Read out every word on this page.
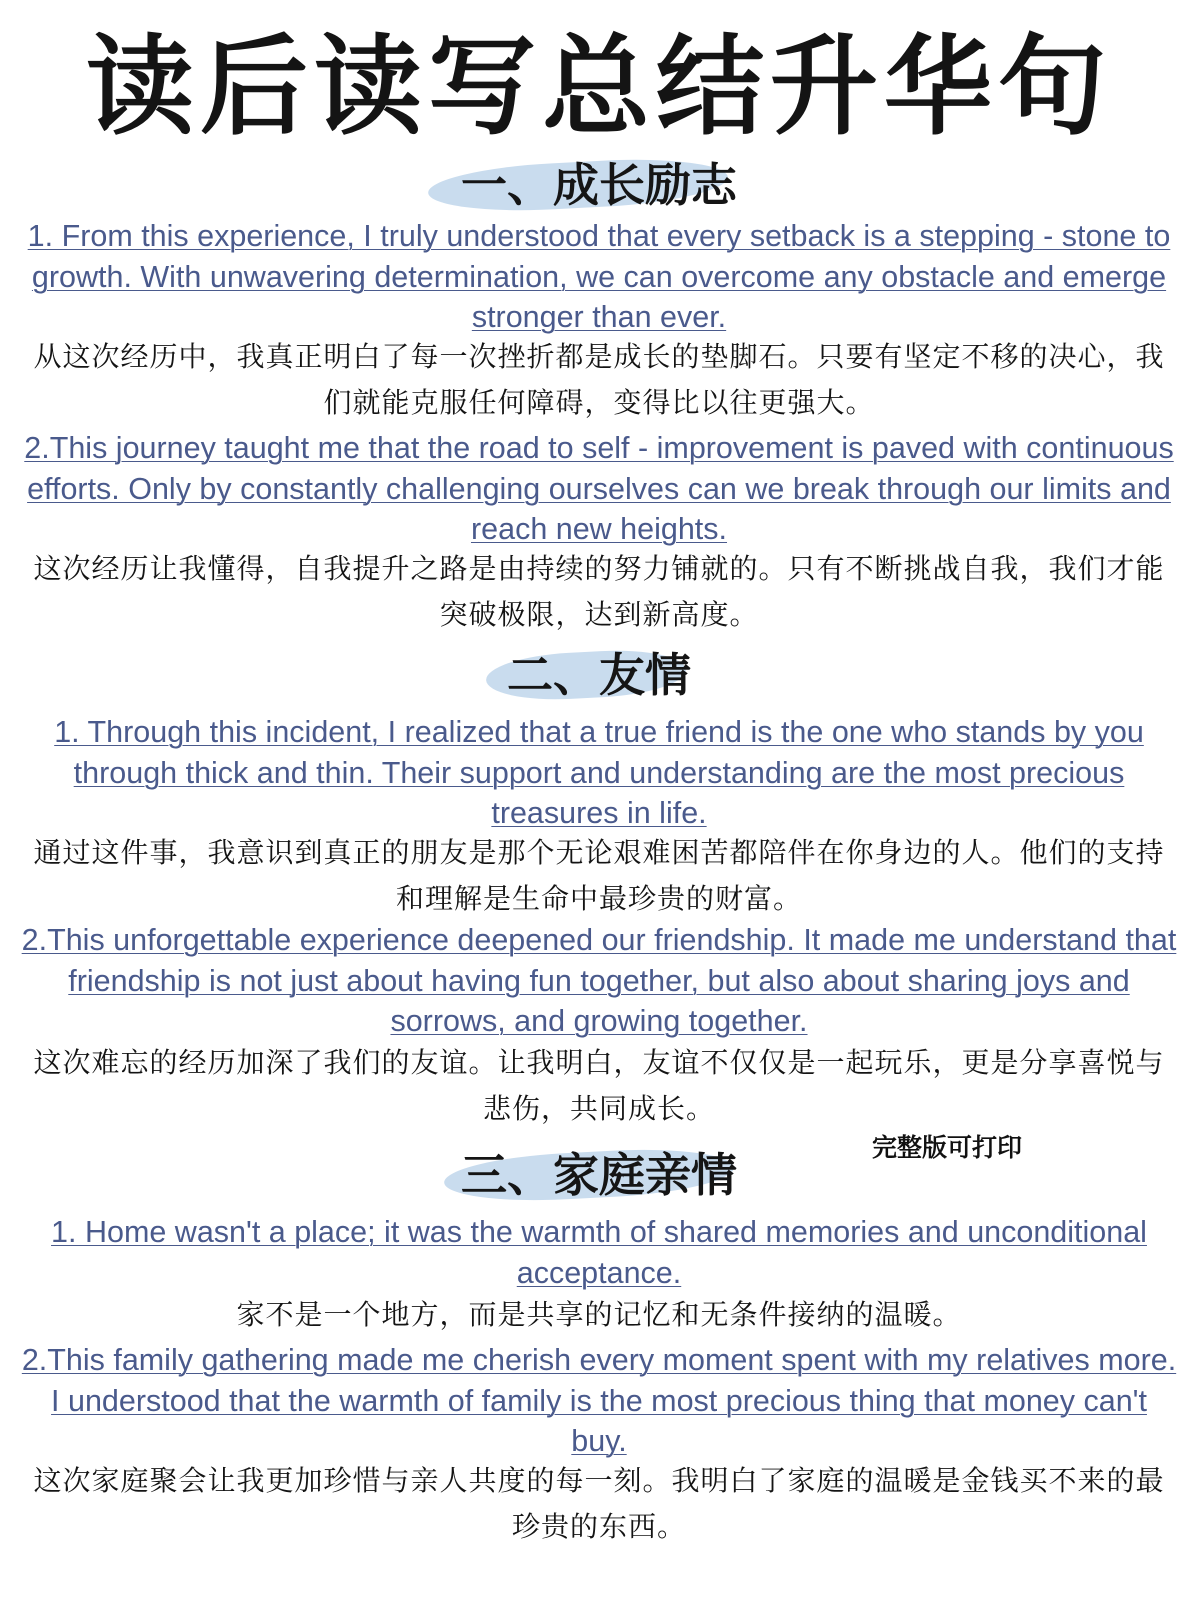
读后读写总结升华句
一、成长励志
1. From this experience, I truly understood that every setback is a stepping - stone to growth. With unwavering determination, we can overcome any obstacle and emerge stronger than ever.
从这次经历中，我真正明白了每一次挫折都是成长的垫脚石。只要有坚定不移的决心，我们就能克服任何障碍，变得比以往更强大。
2.This journey taught me that the road to self - improvement is paved with continuous efforts. Only by constantly challenging ourselves can we break through our limits and reach new heights.
这次经历让我懂得，自我提升之路是由持续的努力铺就的。只有不断挑战自我，我们才能突破极限，达到新高度。
二、友情
1. Through this incident, I realized that a true friend is the one who stands by you through thick and thin. Their support and understanding are the most precious treasures in life.
通过这件事，我意识到真正的朋友是那个无论艰难困苦都陪伴在你身边的人。他们的支持和理解是生命中最珍贵的财富。
2.This unforgettable experience deepened our friendship. It made me understand that friendship is not just about having fun together, but also about sharing joys and sorrows, and growing together.
这次难忘的经历加深了我们的友谊。让我明白，友谊不仅仅是一起玩乐，更是分享喜悦与悲伤，共同成长。
完整版可打印
三、家庭亲情
1. Home wasn't a place; it was the warmth of shared memories and unconditional acceptance.
家不是一个地方，而是共享的记忆和无条件接纳的温暖。
2.This family gathering made me cherish every moment spent with my relatives more. I understood that the warmth of family is the most precious thing that money can't buy.
这次家庭聚会让我更加珍惜与亲人共度的每一刻。我明白了家庭的温暖是金钱买不来的最珍贵的东西。
